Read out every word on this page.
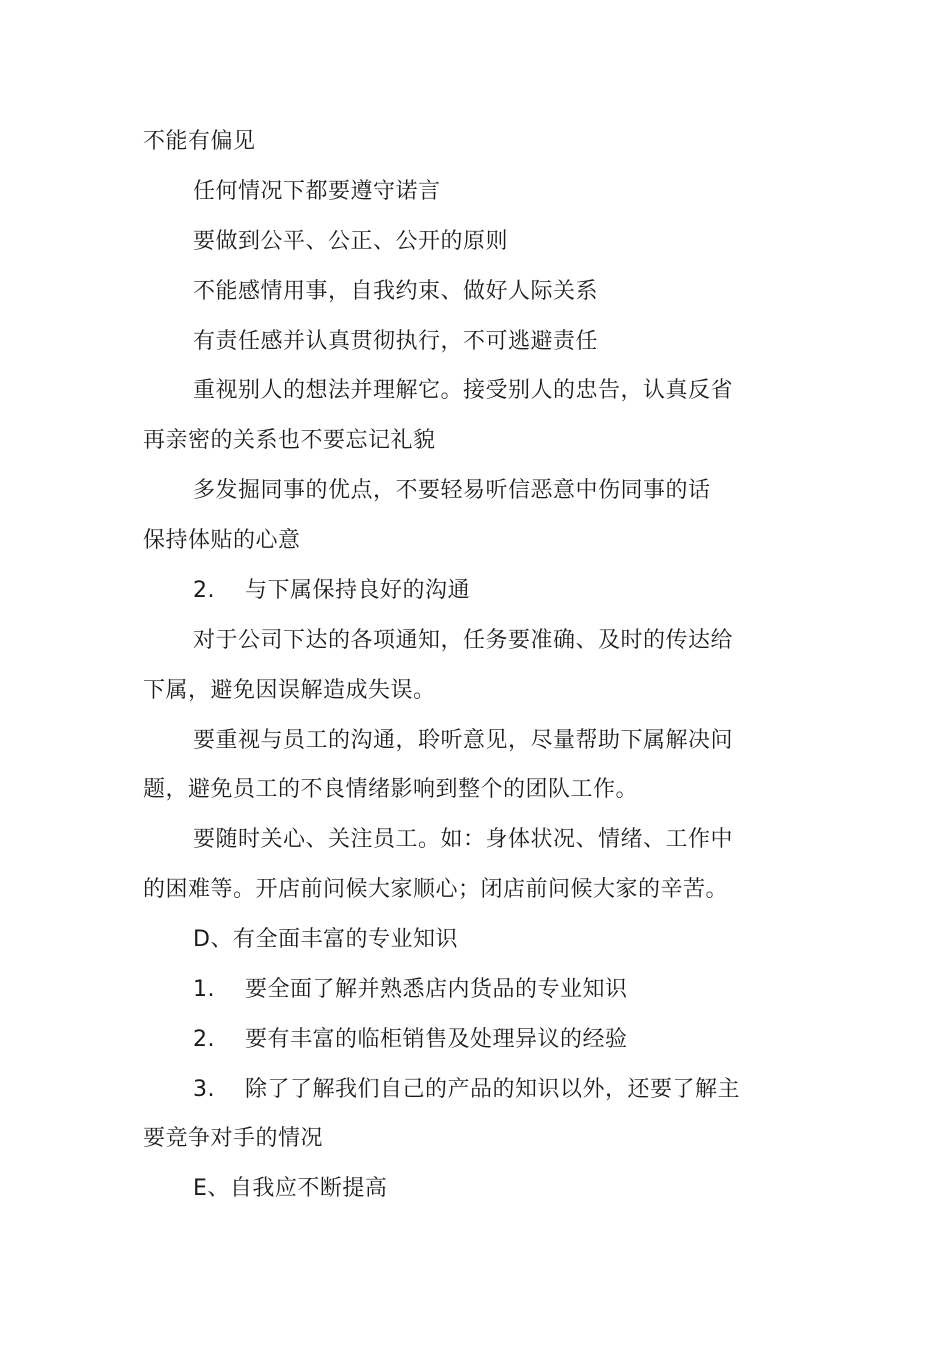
不能有偏见
任何情况下都要遵守诺言
要做到公平、公正、公开的原则
不能感情用事，自我约束、做好人际关系
有责任感并认真贯彻执行，不可逃避责任
重视别人的想法并理解它。接受别人的忠告，认真反省
再亲密的关系也不要忘记礼貌
多发掘同事的优点，不要轻易听信恶意中伤同事的话
保持体贴的心意
2. 与下属保持良好的沟通
对于公司下达的各项通知，任务要准确、及时的传达给
下属，避免因误解造成失误。
要重视与员工的沟通，聆听意见，尽量帮助下属解决问
题，避免员工的不良情绪影响到整个的团队工作。
要随时关心、关注员工。如：身体状况、情绪、工作中
的困难等。开店前问候大家顺心；闭店前问候大家的辛苦。
D、有全面丰富的专业知识
1. 要全面了解并熟悉店内货品的专业知识
2. 要有丰富的临柜销售及处理异议的经验
3. 除了了解我们自己的产品的知识以外，还要了解主
要竞争对手的情况
E、自我应不断提高
